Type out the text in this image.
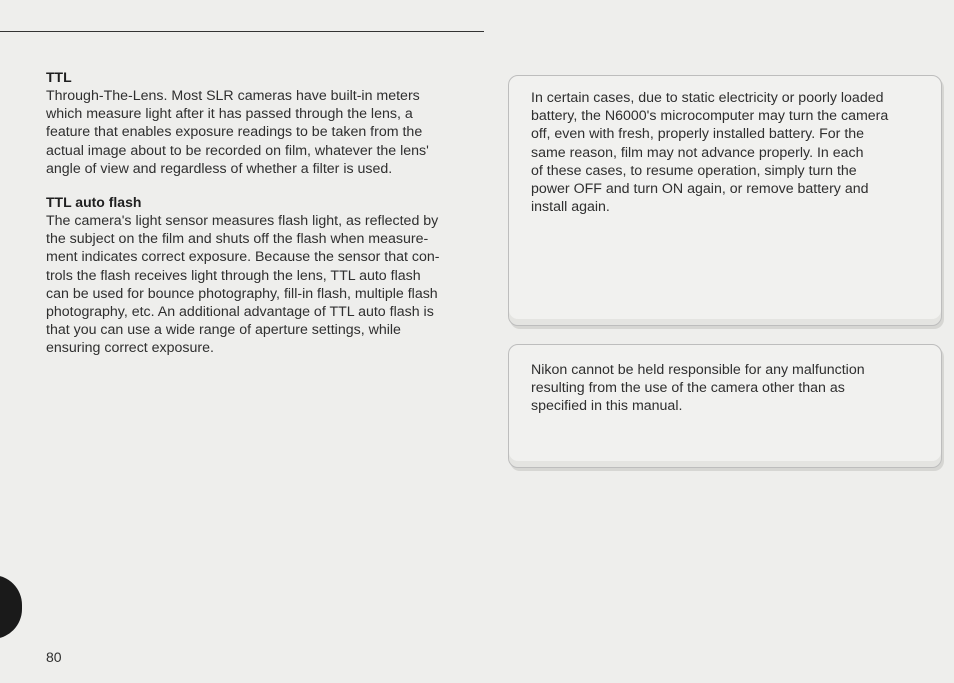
TTL

Through-The-Lens. Most SLR cameras have built-in meters
which measure light after it has passed through the lens, a
feature that enables exposure readings to be taken from the
actual image about to be recorded on film, whatever the lens'
angle of view and regardless of whether a filter is used.

TTL auto flash

The camera's light sensor measures flash light, as reflected by
the subject on the film and shuts off the flash when measure-
ment indicates correct exposure. Because the sensor that con-
trols the flash receives light through the lens, TTL auto flash
can be used for bounce photography, fill-in flash, multiple flash
photography, etc. An additional advantage of TTL auto flash is
that you can use a wide range of aperture settings, while
ensuring correct exposure.

In certain cases, due to static electricity or poorly loaded
battery, the N6000's microcomputer may turn the camera
off, even with fresh, properly installed battery. For the
same reason, film may not advance properly. In each
of these cases, to resume operation, simply turn the
power OFF and turn ON again, or remove battery and
install again.

Nikon cannot be held responsible for any malfunction
resulting from the use of the camera other than as
specified in this manual.

80
